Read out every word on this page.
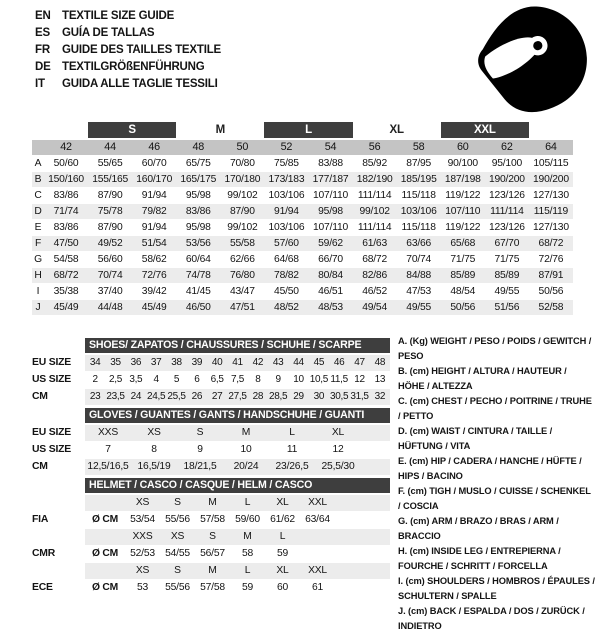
EN TEXTILE SIZE GUIDE
ES	GUÍA DE TALLAS
FR	GUIDE DES TAILLES TEXTILE
DE TEXTILGRÖßENFÜHRUNG
IT	GUIDA ALLE TAGLIE TESSILI
S	M	L	XL	XXL
42	44	46	48	50	52	54	56	58	60	62	64
A	50/60	55/65	60/70	65/75	70/80	75/85	83/88	85/92	87/95	90/100	95/100	105/115
B 150/160 155/165 160/170 165/175 170/180 173/183 177/187 182/190 185/195 187/198 190/200 190/200
C	83/86	87/90	91/94	95/98	99/102	103/106 107/110 111/114 115/118 119/122 123/126 127/130
D	71/74	75/78	79/82	83/86	87/90	91/94	95/98	99/102	103/106 107/110 111/114 115/119
E	83/86	87/90	91/94	95/98	99/102	103/106 107/110 111/114 115/118 119/122 123/126 127/130
F	47/50	49/52	51/54	53/56	55/58	57/60	59/62	61/63	63/66	65/68	67/70	68/72
G	54/58	56/60	58/62	60/64	62/66	64/68	66/70	68/72	70/74	71/75	71/75	72/76
H	68/72	70/74	72/76	74/78	76/80	78/82	80/84	82/86	84/88	85/89	85/89	87/91
I	35/38	37/40	39/42	41/45	43/47	45/50	46/51	46/52	47/53	48/54	49/55	50/56
J	45/49	44/48	45/49	46/50	47/51	48/52	48/53	49/54	49/55	50/56	51/56	52/58
SHOES/ ZAPATOS / CHAUSSURES / SCHUHE / SCARPE
EU SIZE	34 35 36 37 38 39 40 41 42 43 44 45 46 47 48
US SIZE	2	2,5 3,5	4	5	6	6,5 7,5	8	9	10 10,5 11,5 12 13
CM	23 23,5 24 24,5 25,5 26 27 27,5 28 28,5 29 30 30,5 31,5 32
GLOVES / GUANTES / GANTS / HANDSCHUHE / GUANTI
EU SIZE	XXS	XS	S	M	L	XL
US SIZE	7	8	9	10	11	12
CM	12,5/16,5 16,5/19	18/21,5	20/24	23/26,5	25,5/30
HELMET / CASCO / CASQUE / HELM / CASCO
XS	S	M	L	XL	XXL
FIA	Ø CM	53/54 55/56 57/58 59/60 61/62 63/64
XXS	XS	S	M	L
CMR	Ø CM	52/53 54/55 56/57	58	59
XS	S	M	L	XL	XXL
ECE	Ø CM	53	55/56 57/58	59	60	61
A. (Kg) WEIGHT / PESO / POIDS / GEWITCH / PESO
B. (cm) HEIGHT / ALTURA / HAUTEUR / HÖHE / ALTEZZA
C. (cm) CHEST / PECHO / POITRINE / TRUHE / PETTO
D. (cm) WAIST / CINTURA / TAILLE / HÜFTUNG / VITA
E. (cm) HIP / CADERA / HANCHE / HÜFTE / HIPS / BACINO
F. (cm) TIGH / MUSLO / CUISSE / SCHENKEL / COSCIA
G. (cm) ARM / BRAZO / BRAS / ARM / BRACCIO
H. (cm) INSIDE LEG / ENTREPIERNA / FOURCHE / SCHRITT / FORCELLA
I. (cm) SHOULDERS / HOMBROS / ÉPAULES / SCHULTERN / SPALLE
J. (cm) BACK / ESPALDA / DOS / ZURÜCK / INDIETRO
